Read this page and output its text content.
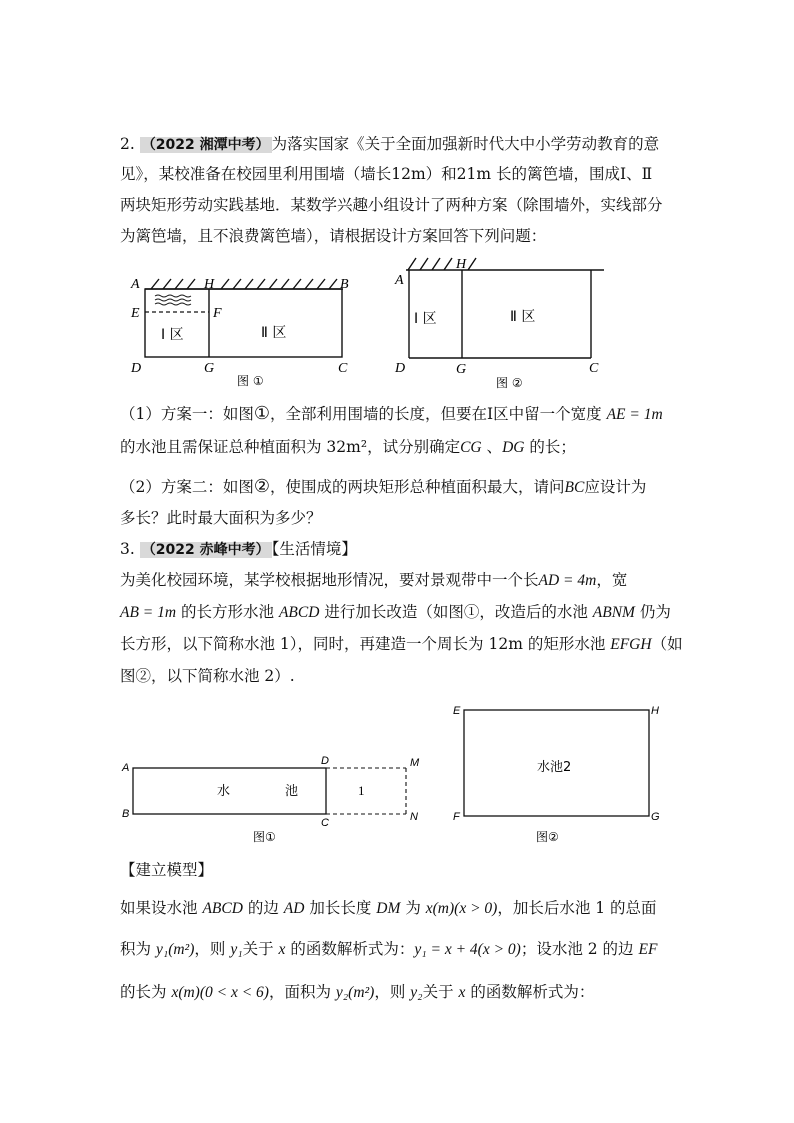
2. （2022 湘潭中考） 为落实国家《关于全面加强新时代大中小学劳动教育的意
见》，某校准备在校园里利用围墙（墙长12m）和21m 长的篱笆墙，围成Ⅰ、Ⅱ
两块矩形劳动实践基地．某数学兴趣小组设计了两种方案（除围墙外，实线部分
为篱笆墙，且不浪费篱笆墙），请根据设计方案回答下列问题：
A	H	B
E	F
D	G	C
Ⅰ 区	Ⅱ 区
图 ①
A
H
D	G	C
Ⅰ 区	Ⅱ 区
图 ②
（1）方案一：如图①，全部利用围墙的长度，但要在Ⅰ区中留一个宽度 AE = 1m
的水池且需保证总种植面积为 32m²，试分别确定CG 、DG 的长；
（2）方案二：如图②，使围成的两块矩形总种植面积最大，请问BC应设计为
多长？此时最大面积为多少？
3. （2022 赤峰中考） 【生活情境】
为美化校园环境，某学校根据地形情况，要对景观带中一个长AD = 4m，宽
AB = 1m 的长方形水池 ABCD 进行加长改造（如图①，改造后的水池 ABNM 仍为
长方形，以下简称水池 1），同时，再建造一个周长为 12m 的矩形水池 EFGH（如
图②，以下简称水池 2）.
A
B
C
D	M
N
水	池	1
图①
E	H
F	G
水池2
图②
【建立模型】
如果设水池 ABCD 的边 AD 加长长度 DM 为 x(m)(x > 0)，加长后水池 1 的总面
积为 y₁(m²)，则 y₁关于 x 的函数解析式为：y₁ = x + 4(x > 0)；设水池 2 的边 EF
的长为 x(m)(0 < x < 6)，面积为 y₂(m²)，则 y₂关于 x 的函数解析式为：
